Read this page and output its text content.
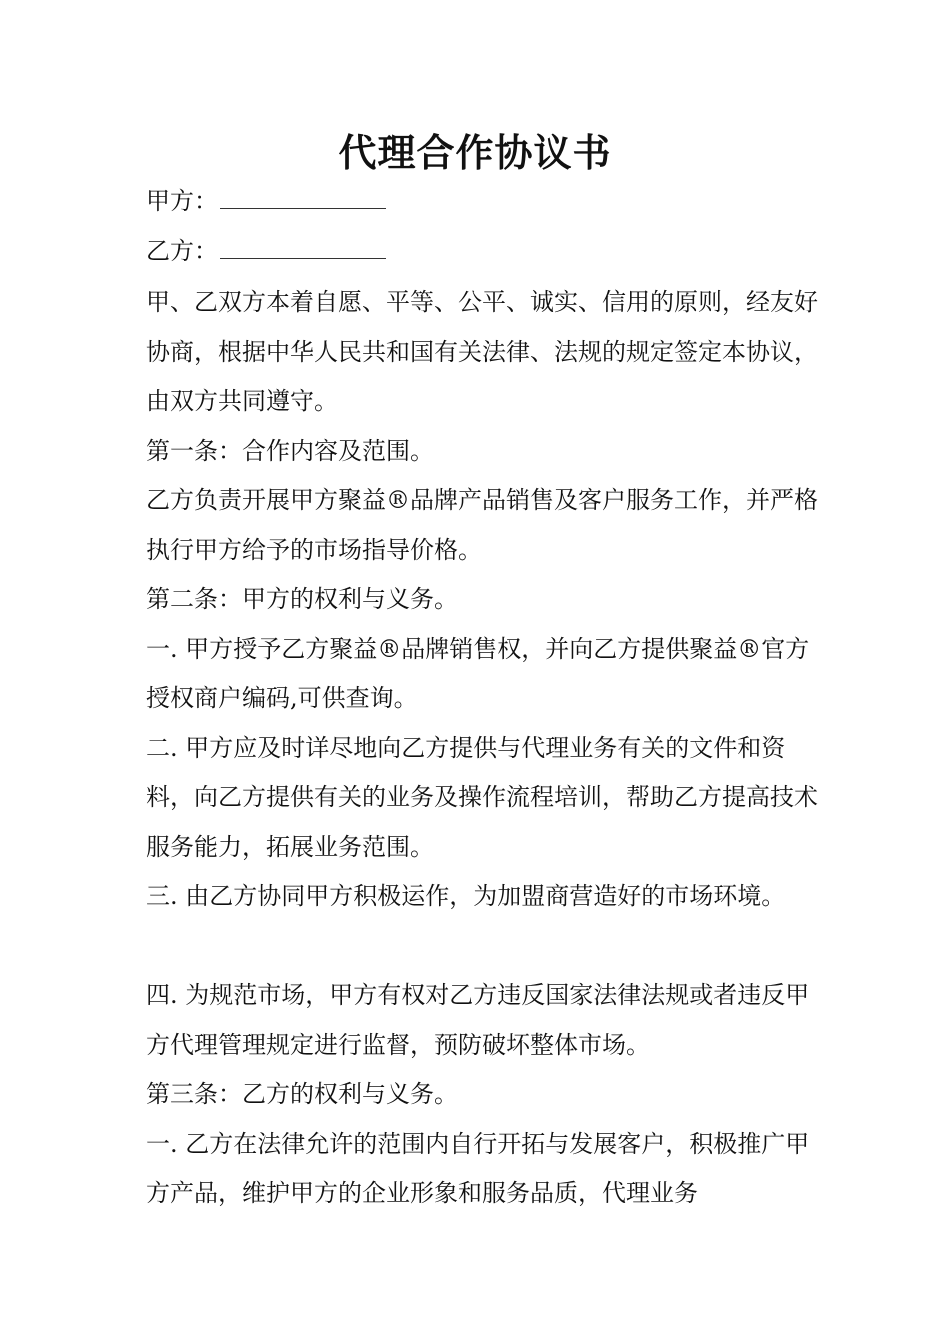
代理合作协议书
甲方：
乙方：

甲、乙双方本着自愿、平等、公平、诚实、信用的原则，经友好协商，根据中华人民共和国有关法律、法规的规定签定本协议，由双方共同遵守。

第一条：合作内容及范围。

乙方负责开展甲方聚益®品牌产品销售及客户服务工作，并严格执行甲方给予的市场指导价格。

第二条：甲方的权利与义务。

一. 甲方授予乙方聚益®品牌销售权，并向乙方提供聚益®官方授权商户编码,可供查询。

二. 甲方应及时详尽地向乙方提供与代理业务有关的文件和资料，向乙方提供有关的业务及操作流程培训，帮助乙方提高技术服务能力，拓展业务范围。

三. 由乙方协同甲方积极运作，为加盟商营造好的市场环境。

四. 为规范市场，甲方有权对乙方违反国家法律法规或者违反甲方代理管理规定进行监督，预防破坏整体市场。

第三条：乙方的权利与义务。

一. 乙方在法律允许的范围内自行开拓与发展客户，积极推广甲方产品，维护甲方的企业形象和服务品质，代理业务
